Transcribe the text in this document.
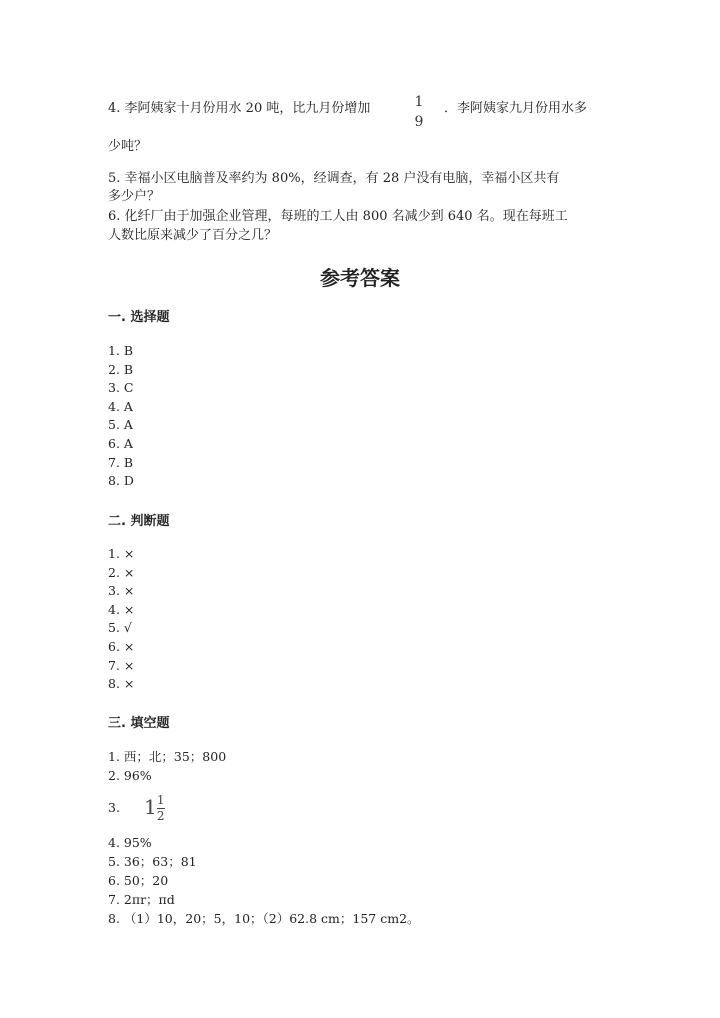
4. 李阿姨家十月份用水 20 吨，比九月份增加	1
9
．李阿姨家九月份用水多
少吨？
5. 幸福小区电脑普及率约为 80%，经调查，有 28 户没有电脑，幸福小区共有
多少户？
6. 化纤厂由于加强企业管理，每班的工人由 800 名减少到 640 名。现在每班工
人数比原来减少了百分之几？
参考答案
一. 选择题
1. B
2. B
3. C
4. A
5. A
6. A
7. B
8. D
二. 判断题
1. ×
2. ×
3. ×
4. ×
5. √
6. ×
7. ×
8. ×
三. 填空题
1. 西；北；35；800
2. 96%
3. $1 \frac{1}{2}$
4. 95%
5. 36；63；81
6. 50；20
7. 2πr；πd
8. （1）10，20；5，10；（2）62.8 cm；157 cm2。
